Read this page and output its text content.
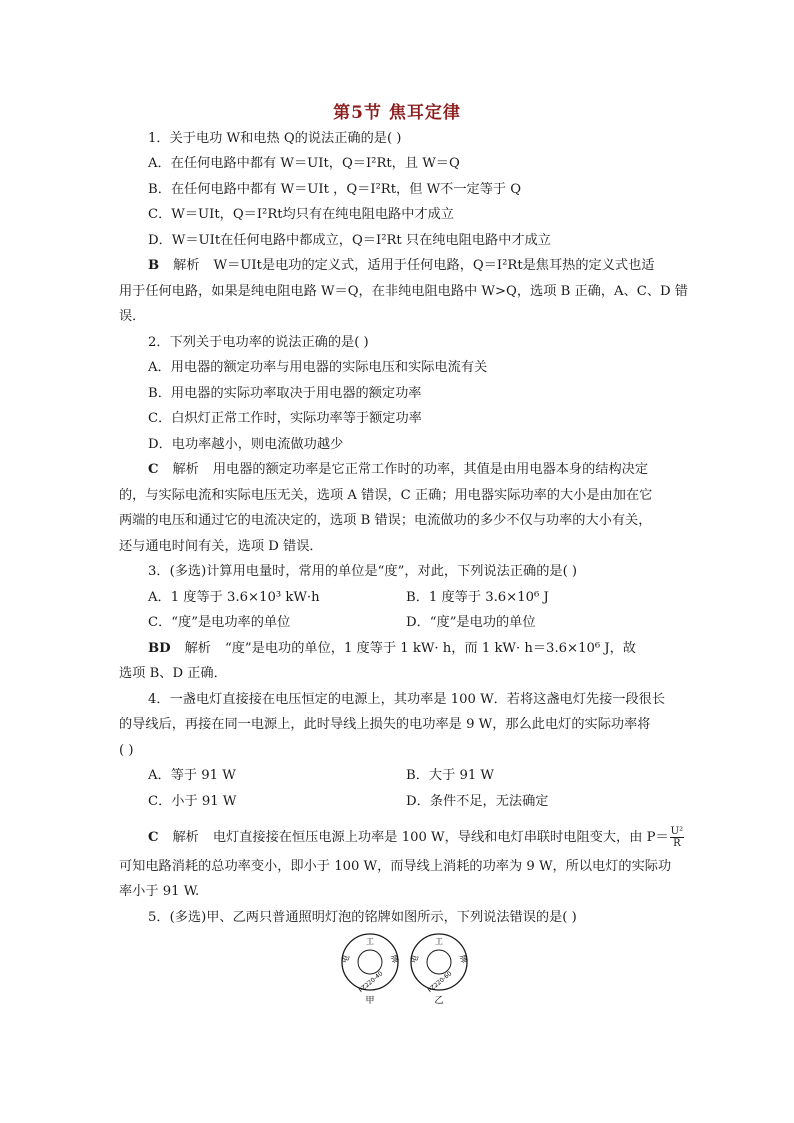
第5节 焦耳定律
1．关于电功 W和电热 Q的说法正确的是( )
A．在任何电路中都有 W＝UIt，Q＝I²Rt，且 W＝Q
B．在任何电路中都有 W＝UIt ，Q＝I²Rt，但 W不一定等于 Q
C．W＝UIt，Q＝I²Rt均只有在纯电阻电路中才成立
D．W＝UIt在任何电路中都成立，Q＝I²Rt 只在纯电阻电路中才成立
B 解析 W＝UIt是电功的定义式，适用于任何电路，Q＝I²Rt是焦耳热的定义式也适
用于任何电路，如果是纯电阻电路 W＝Q，在非纯电阻电路中 W>Q，选项 B 正确，A、C、D 错
误．
2．下列关于电功率的说法正确的是( )
A．用电器的额定功率与用电器的实际电压和实际电流有关
B．用电器的实际功率取决于用电器的额定功率
C．白炽灯正常工作时，实际功率等于额定功率
D．电功率越小，则电流做功越少
C 解析 用电器的额定功率是它正常工作时的功率，其值是由用电器本身的结构决定
的，与实际电流和实际电压无关，选项 A 错误，C 正确；用电器实际功率的大小是由加在它
两端的电压和通过它的电流决定的，选项 B 错误；电流做功的多少不仅与功率的大小有关，
还与通电时间有关，选项 D 错误．
3．(多选)计算用电量时，常用的单位是“度”，对此，下列说法正确的是( )
A．1 度等于 3.6×10³ kW·h	B．1 度等于 3.6×10⁶ J
C．“度”是电功率的单位	D．“度”是电功的单位
BD 解析 “度”是电功的单位，1 度等于 1 kW· h，而 1 kW· h＝3.6×10⁶ J，故
选项 B、D 正确．
4．一盏电灯直接接在电压恒定的电源上，其功率是 100 W．若将这盏电灯先接一段很长
的导线后，再接在同一电源上，此时导线上损失的电功率是 9 W，那么此电灯的实际功率将
( )
A．等于 91 W	B．大于 91 W
C．小于 91 W	D．条件不足，无法确定
C 解析 电灯直接接在恒压电源上功率是 100 W，导线和电灯串联时电阻变大，由 $P= \frac{\text{U²}}{R}$
可知电路消耗的总功率变小，即小于 100 W，而导线上消耗的功率为 9 W，所以电灯的实际功
率小于 91 W.
5．(多选)甲、乙两只普通照明灯泡的铭牌如图所示，下列说法错误的是( )
工
电	牌
PZ220-40
甲
工
电	牌
PZ220-60
乙
